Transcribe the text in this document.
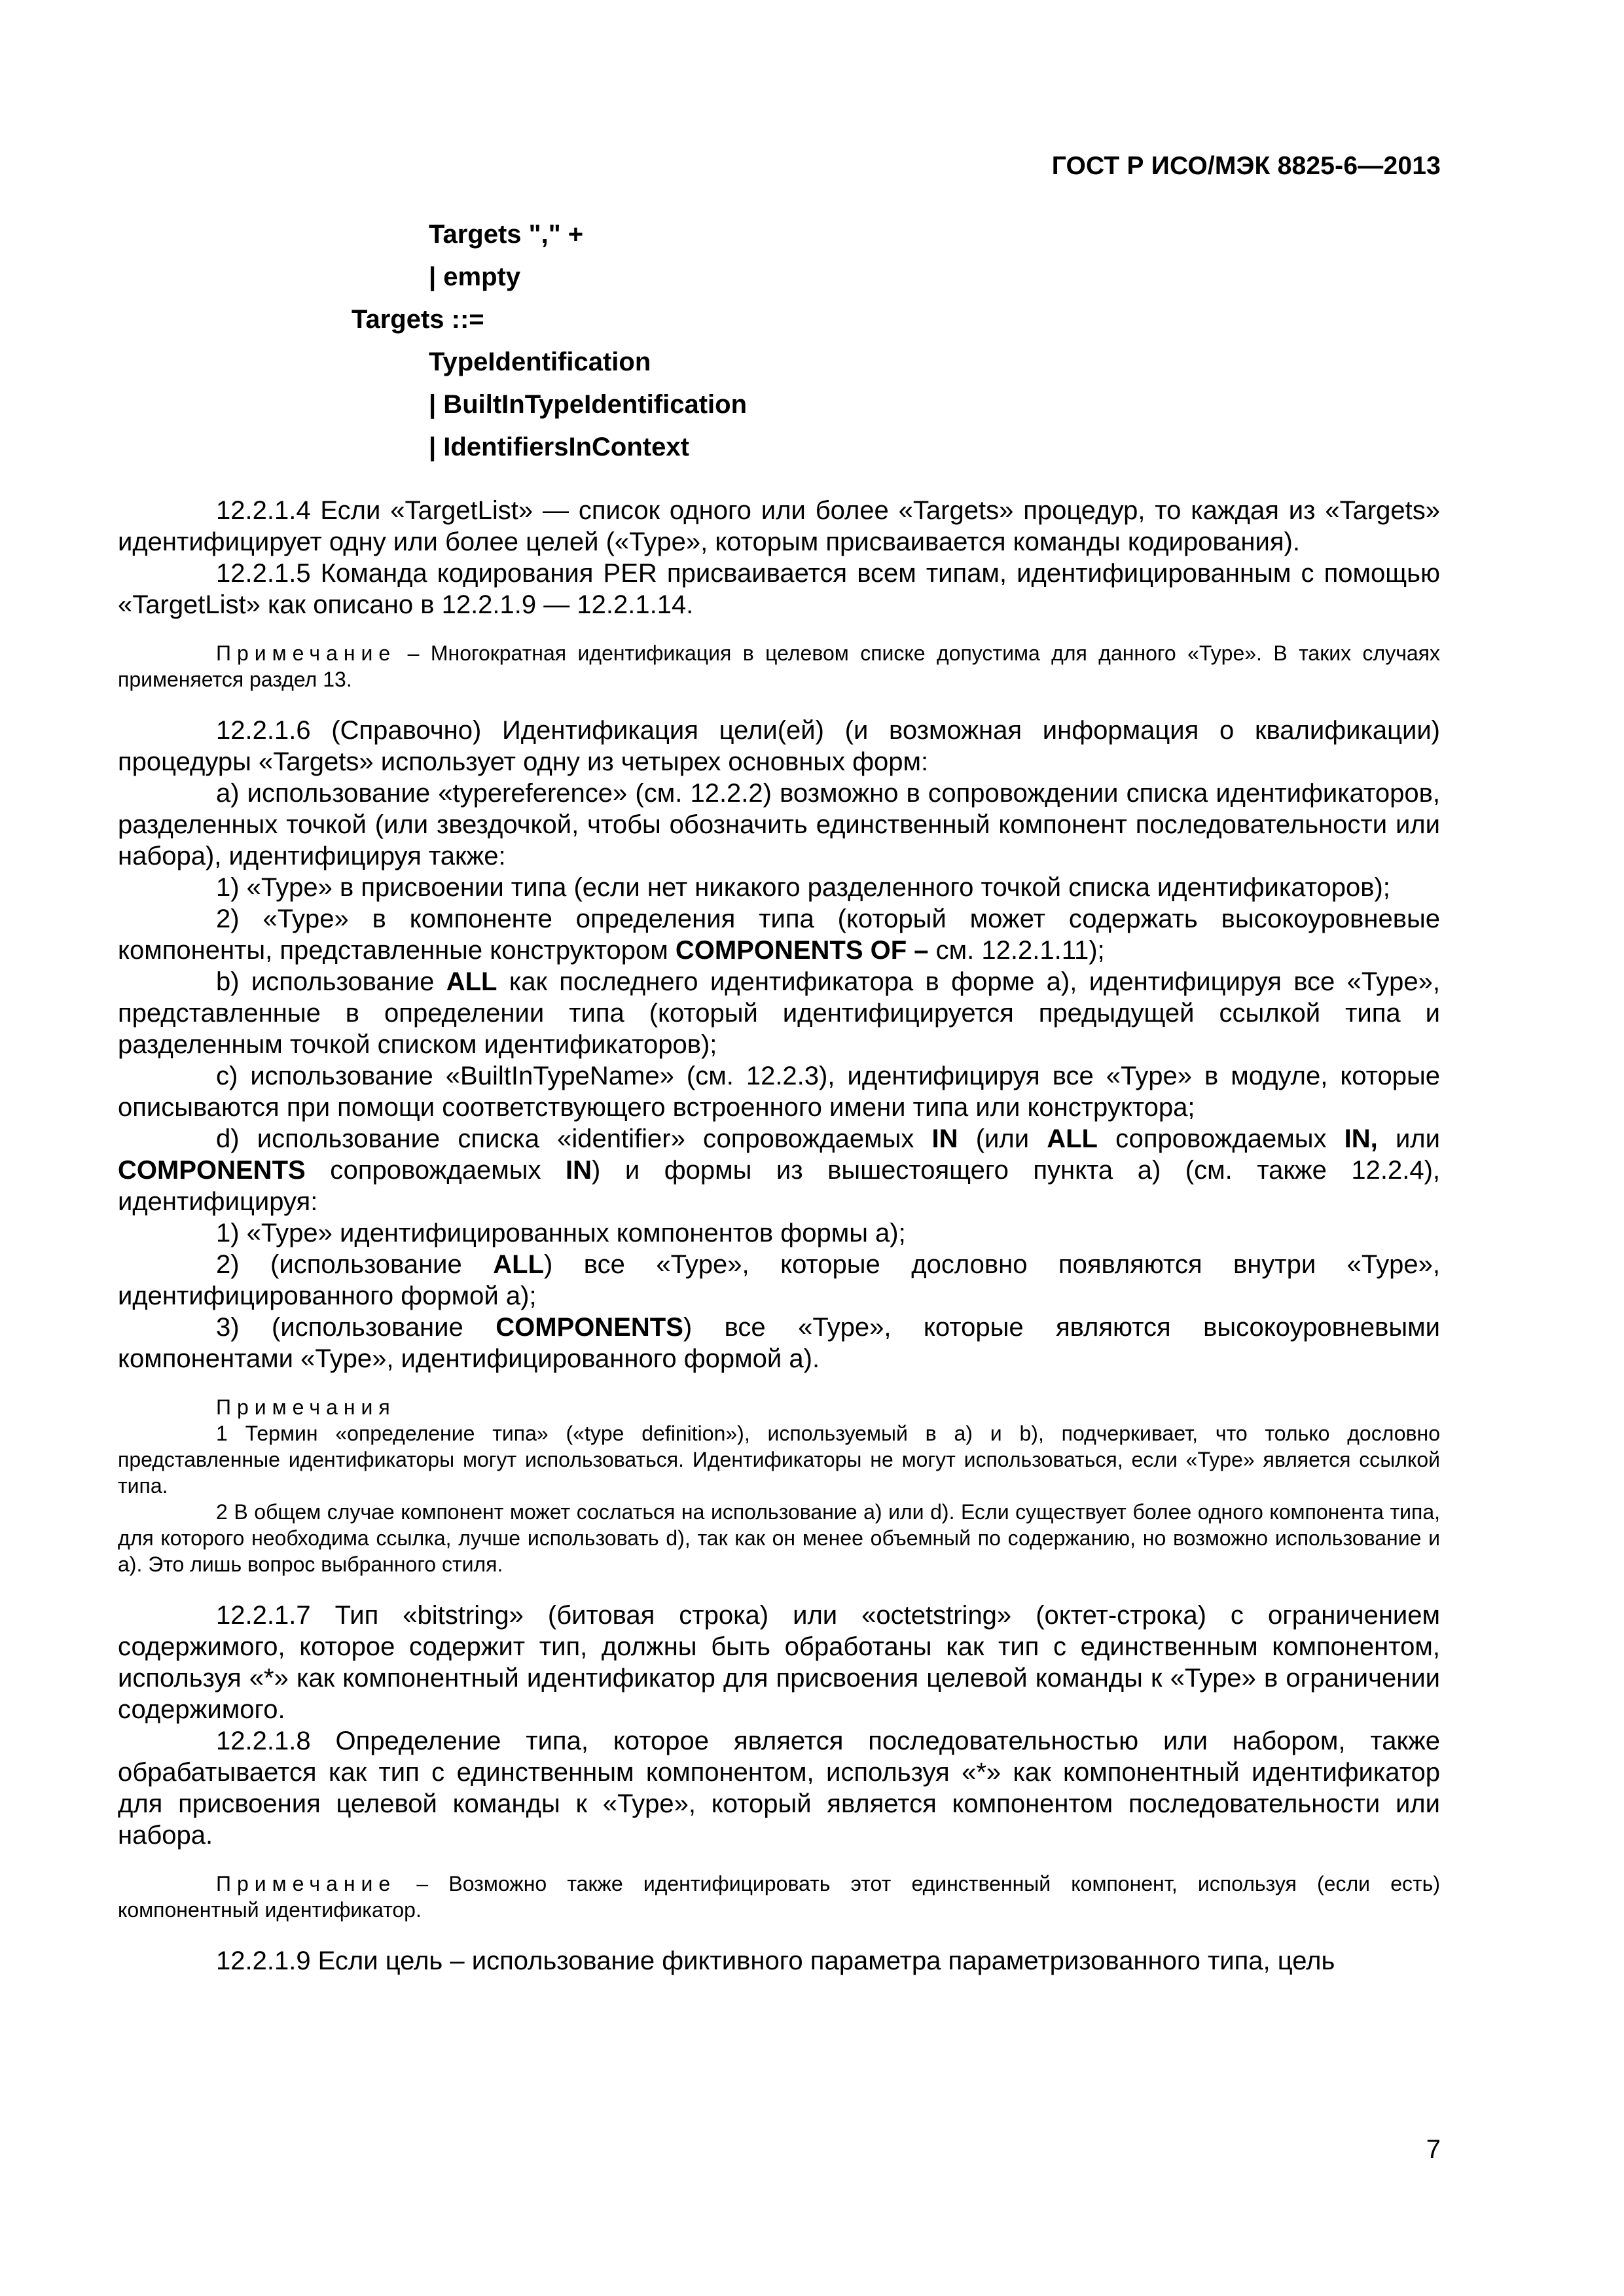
ГОСТ Р ИСО/МЭК 8825-6—2013
Targets "," +
| empty
Targets ::=
TypeIdentification
| BuiltInTypeIdentification
| IdentifiersInContext
12.2.1.4 Если «TargetList» — список одного или более «Targets» процедур, то каждая из «Targets» идентифицирует одну или более целей («Type», которым присваивается команды кодирования).
12.2.1.5 Команда кодирования PER присваивается всем типам, идентифицированным с помощью «TargetList» как описано в 12.2.1.9 — 12.2.1.14.
Примечание – Многократная идентификация в целевом списке допустима для данного «Type». В таких случаях применяется раздел 13.
12.2.1.6 (Справочно) Идентификация цели(ей) (и возможная информация о квалификации) процедуры «Targets» использует одну из четырех основных форм:
a) использование «typereference» (см. 12.2.2) возможно в сопровождении списка идентификаторов, разделенных точкой (или звездочкой, чтобы обозначить единственный компонент последовательности или набора), идентифицируя также:
1) «Type» в присвоении типа (если нет никакого разделенного точкой списка идентификаторов);
2) «Type» в компоненте определения типа (который может содержать высокоуровневые компоненты, представленные конструктором COMPONENTS OF – см. 12.2.1.11);
b) использование ALL как последнего идентификатора в форме а), идентифицируя все «Type», представленные в определении типа (который идентифицируется предыдущей ссылкой типа и разделенным точкой списком идентификаторов);
c) использование «BuiltInTypeName» (см. 12.2.3), идентифицируя все «Type» в модуле, которые описываются при помощи соответствующего встроенного имени типа или конструктора;
d) использование списка «identifier» сопровождаемых IN (или ALL сопровождаемых IN, или COMPONENTS сопровождаемых IN) и формы из вышестоящего пункта а) (см. также 12.2.4), идентифицируя:
1) «Type» идентифицированных компонентов формы а);
2) (использование ALL) все «Type», которые дословно появляются внутри «Type», идентифицированного формой а);
3) (использование COMPONENTS) все «Type», которые являются высокоуровневыми компонентами «Type», идентифицированного формой а).

Примечания

1 Термин «определение типа» («type definition»), используемый в а) и b), подчеркивает, что только дословно представленные идентификаторы могут использоваться. Идентификаторы не могут использоваться, если «Type» является ссылкой типа.

2 В общем случае компонент может сослаться на использование а) или d). Если существует более одного компонента типа, для которого необходима ссылка, лучше использовать d), так как он менее объемный по содержанию, но возможно использование и а). Это лишь вопрос выбранного стиля.

12.2.1.7 Тип «bitstring» (битовая строка) или «octetstring» (октет-строка) с ограничением содержимого, которое содержит тип, должны быть обработаны как тип с единственным компонентом, используя «*» как компонентный идентификатор для присвоения целевой команды к «Type» в ограничении содержимого.
12.2.1.8 Определение типа, которое является последовательностью или набором, также обрабатывается как тип с единственным компонентом, используя «*» как компонентный идентификатор для присвоения целевой команды к «Type», который является компонентом последовательности или набора.
Примечание – Возможно также идентифицировать этот единственный компонент, используя (если есть) компонентный идентификатор.
12.2.1.9 Если цель – использование фиктивного параметра параметризованного типа, цель
7
